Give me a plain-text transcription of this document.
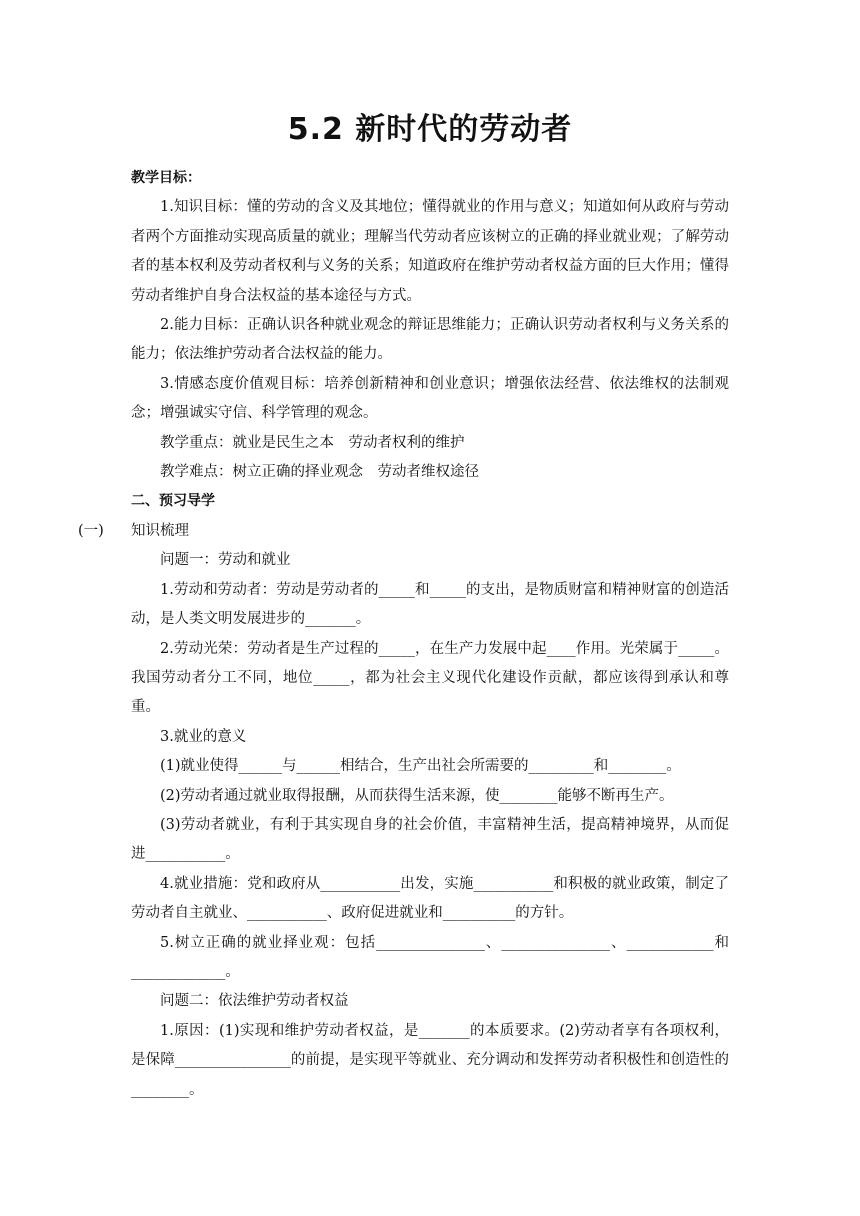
5.2 新时代的劳动者

教学目标：

1.知识目标：懂的劳动的含义及其地位；懂得就业的作用与意义；知道如何从政府与劳动者两个方面推动实现高质量的就业；理解当代劳动者应该树立的正确的择业就业观；了解劳动者的基本权利及劳动者权利与义务的关系；知道政府在维护劳动者权益方面的巨大作用；懂得劳动者维护自身合法权益的基本途径与方式。

2.能力目标：正确认识各种就业观念的辩证思维能力；正确认识劳动者权利与义务关系的能力；依法维护劳动者合法权益的能力。

3.情感态度价值观目标：培养创新精神和创业意识；增强依法经营、依法维权的法制观念；增强诚实守信、科学管理的观念。

教学重点：就业是民生之本　劳动者权利的维护

教学难点：树立正确的择业观念　劳动者维权途径

二、预习导学

(一) 知识梳理

问题一：劳动和就业

1.劳动和劳动者：劳动是劳动者的_____和_____的支出，是物质财富和精神财富的创造活动，是人类文明发展进步的_______。

2.劳动光荣：劳动者是生产过程的_____，在生产力发展中起____作用。光荣属于_____。我国劳动者分工不同，地位_____，都为社会主义现代化建设作贡献，都应该得到承认和尊重。

3.就业的意义

(1)就业使得______与______相结合，生产出社会所需要的_________和________。

(2)劳动者通过就业取得报酬，从而获得生活来源，使________能够不断再生产。

(3)劳动者就业，有利于其实现自身的社会价值，丰富精神生活，提高精神境界，从而促进___________。

4.就业措施：党和政府从___________出发，实施___________和积极的就业政策，制定了劳动者自主就业、___________、政府促进就业和__________的方针。

5.树立正确的就业择业观：包括_______________、_______________、____________和_____________。

问题二：依法维护劳动者权益

1.原因：(1)实现和维护劳动者权益，是_______的本质要求。(2)劳动者享有各项权利，是保障________________的前提，是实现平等就业、充分调动和发挥劳动者积极性和创造性的________。
